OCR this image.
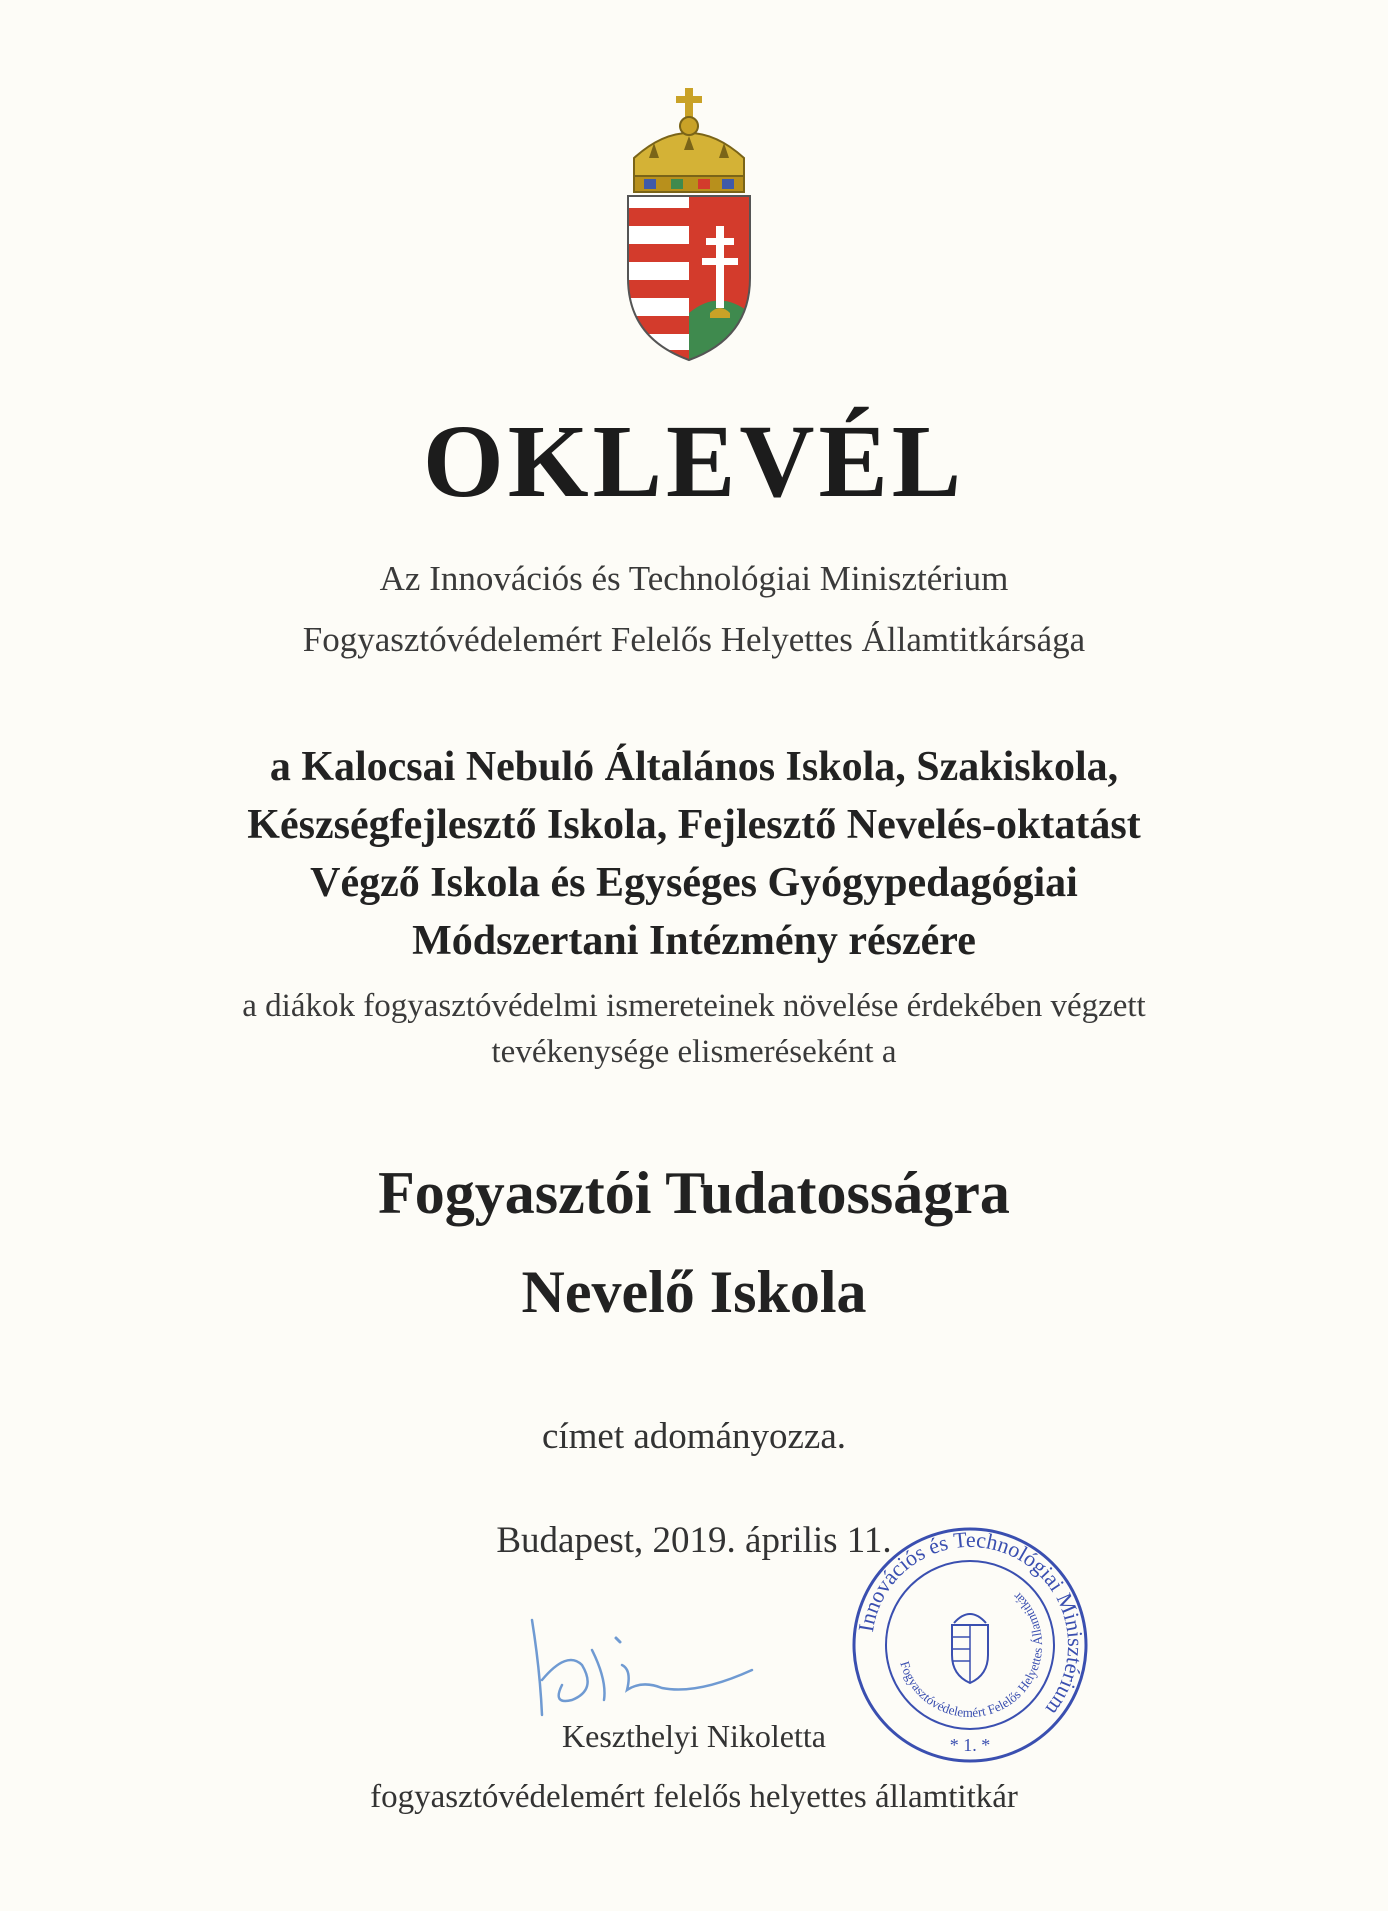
OKLEVÉL
Az Innovációs és Technológiai Minisztérium
Fogyasztóvédelemért Felelős Helyettes Államtitkársága
a Kalocsai Nebuló Általános Iskola, Szakiskola,
Készségfejlesztő Iskola, Fejlesztő Nevelés-oktatást
Végző Iskola és Egységes Gyógypedagógiai
Módszertani Intézmény részére
a diákok fogyasztóvédelmi ismereteinek növelése érdekében végzett
tevékenysége elismeréseként a
Fogyasztói Tudatosságra
Nevelő Iskola
címet adományozza.
Budapest, 2019. április 11.
Innovációs és Technológiai Minisztérium
Fogyasztóvédelemért Felelős Helyettes Államtitkár
* 1. *
Keszthelyi Nikoletta
fogyasztóvédelemért felelős helyettes államtitkár
